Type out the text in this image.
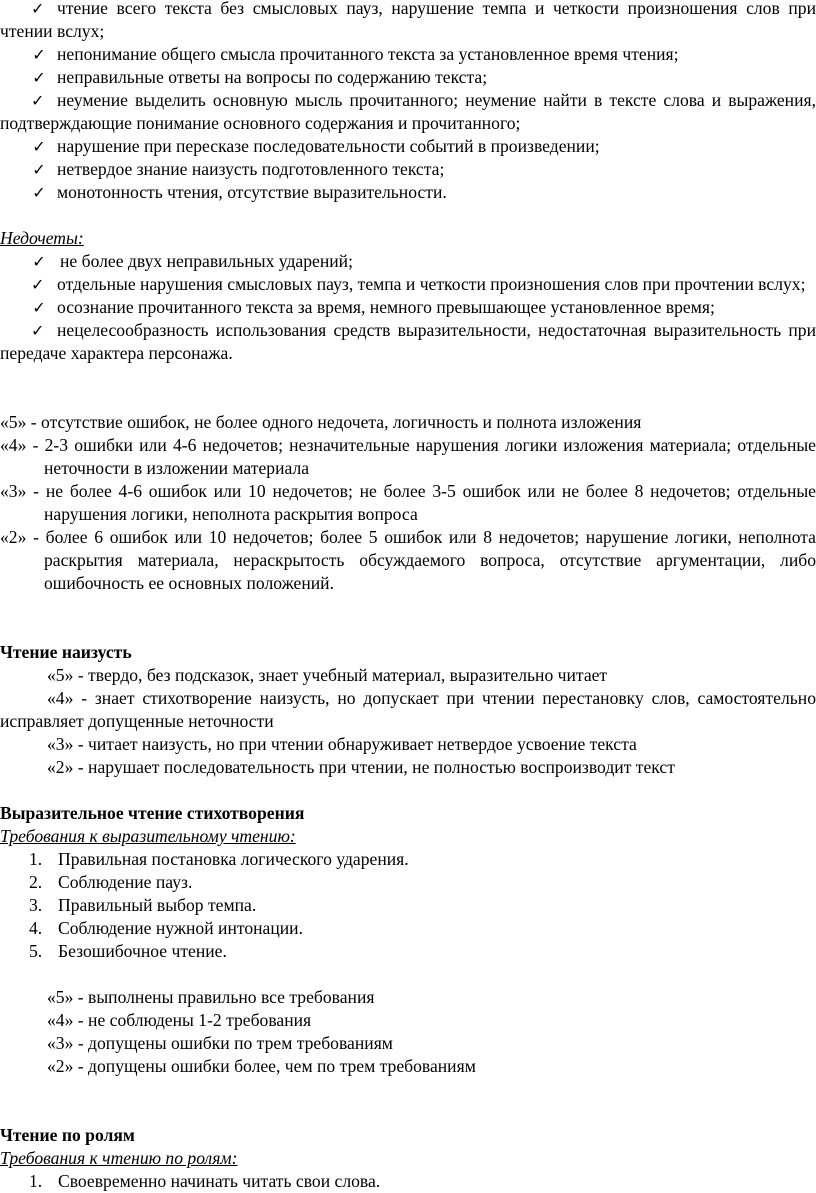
✓ чтение всего текста без смысловых пауз, нарушение темпа и четкости произношения слов при чтении вслух;

✓ непонимание общего смысла прочитанного текста за установленное время чтения;

✓ неправильные ответы на вопросы по содержанию текста;

✓ неумение выделить основную мысль прочитанного; неумение найти в тексте слова и выражения, подтверждающие понимание основного содержания и прочитанного;

✓ нарушение при пересказе последовательности событий в произведении;

✓ нетвердое знание наизусть подготовленного текста;

✓ монотонность чтения, отсутствие выразительности.

Недочеты:

✓ не более двух неправильных ударений;

✓ отдельные нарушения смысловых пауз, темпа и четкости произношения слов при прочтении вслух;

✓ осознание прочитанного текста за время, немного превышающее установленное время;

✓ нецелесообразность использования средств выразительности, недостаточная выразительность при передаче характера персонажа.

«5» - отсутствие ошибок, не более одного недочета, логичность и полнота изложения

«4» - 2-3 ошибки или 4-6 недочетов; незначительные нарушения логики изложения материала; отдельные неточности в изложении материала

«3» - не более 4-6 ошибок или 10 недочетов; не более 3-5 ошибок или не более 8 недочетов; отдельные нарушения логики, неполнота раскрытия вопроса

«2» - более 6 ошибок или 10 недочетов; более 5 ошибок или 8 недочетов; нарушение логики, неполнота раскрытия материала, нераскрытость обсуждаемого вопроса, отсутствие аргументации, либо ошибочность ее основных положений.

Чтение наизусть

«5» - твердо, без подсказок, знает учебный материал, выразительно читает

«4» - знает стихотворение наизусть, но допускает при чтении перестановку слов, самостоятельно исправляет допущенные неточности

«3» - читает наизусть, но при чтении обнаруживает нетвердое усвоение текста

«2» - нарушает последовательность при чтении, не полностью воспроизводит текст

Выразительное чтение стихотворения

Требования к выразительному чтению:

1. Правильная постановка логического ударения.

2. Соблюдение пауз.

3. Правильный выбор темпа.

4. Соблюдение нужной интонации.

5. Безошибочное чтение.

«5» - выполнены правильно все требования

«4» - не соблюдены 1-2 требования

«3» - допущены ошибки по трем требованиям

«2» - допущены ошибки более, чем по трем требованиям

Чтение по ролям

Требования к чтению по ролям:

1. Своевременно начинать читать свои слова.
